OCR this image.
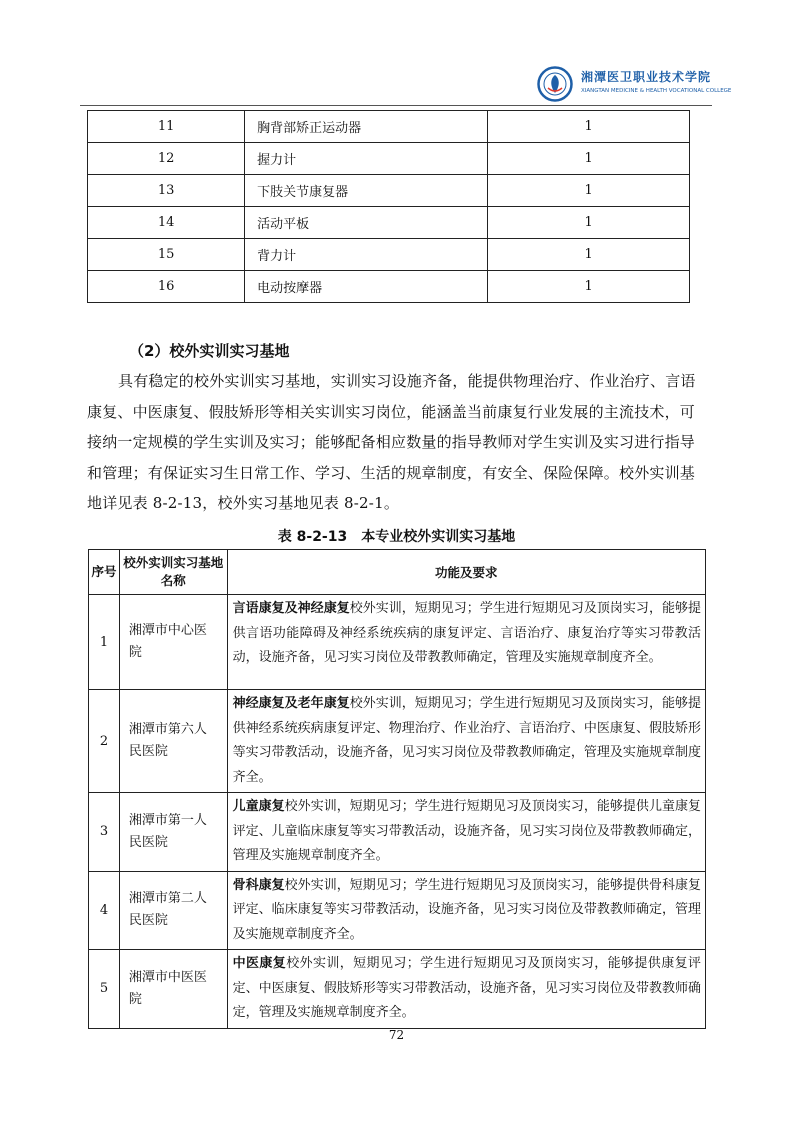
湘潭医卫职业技术学院
XIANGTAN MEDICINE & HEALTH VOCATIONAL COLLEGE
11	胸背部矫正运动器	1
12	握力计	1
13	下肢关节康复器	1
14	活动平板	1
15	背力计	1
16	电动按摩器	1
（2）校外实训实习基地
具有稳定的校外实训实习基地，实训实习设施齐备，能提供物理治疗、作业治疗、言语康复、中医康复、假肢矫形等相关实训实习岗位，能涵盖当前康复行业发展的主流技术，可接纳一定规模的学生实训及实习；能够配备相应数量的指导教师对学生实训及实习进行指导和管理；有保证实习生日常工作、学习、生活的规章制度，有安全、保险保障。校外实训基地详见表 8-2-13，校外实习基地见表 8-2-1。
表 8-2-13　本专业校外实训实习基地
序号	校外实训实习基地名称	功能及要求
1	湘潭市中心医院	言语康复及神经康复校外实训，短期见习；学生进行短期见习及顶岗实习，能够提供言语功能障碍及神经系统疾病的康复评定、言语治疗、康复治疗等实习带教活动，设施齐备，见习实习岗位及带教教师确定，管理及实施规章制度齐全。
2	湘潭市第六人民医院	神经康复及老年康复校外实训，短期见习；学生进行短期见习及顶岗实习，能够提供神经系统疾病康复评定、物理治疗、作业治疗、言语治疗、中医康复、假肢矫形等实习带教活动，设施齐备，见习实习岗位及带教教师确定，管理及实施规章制度齐全。
3	湘潭市第一人民医院	儿童康复校外实训，短期见习；学生进行短期见习及顶岗实习，能够提供儿童康复评定、儿童临床康复等实习带教活动，设施齐备，见习实习岗位及带教教师确定，管理及实施规章制度齐全。
4	湘潭市第二人民医院	骨科康复校外实训，短期见习；学生进行短期见习及顶岗实习，能够提供骨科康复评定、临床康复等实习带教活动，设施齐备，见习实习岗位及带教教师确定，管理及实施规章制度齐全。
5	湘潭市中医医院	中医康复校外实训，短期见习；学生进行短期见习及顶岗实习，能够提供康复评定、中医康复、假肢矫形等实习带教活动，设施齐备，见习实习岗位及带教教师确定，管理及实施规章制度齐全。
72
